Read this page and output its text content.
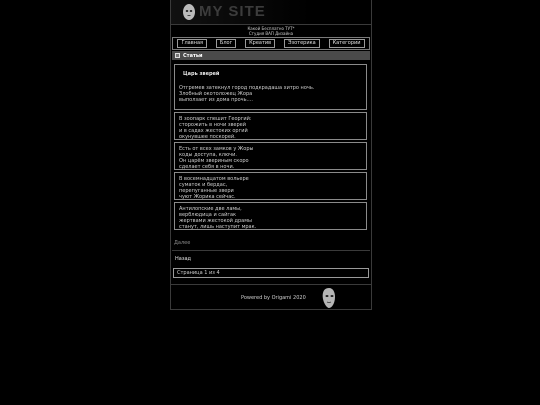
MY SITE
Какой Бесплатно ТУТ*
Студия ВАП Дизайна
Главная	Блог	Креатив	Эзотерика	Категории
Статьи
Царь зверей
Отгремев затекнул город подкрадаша хитро ночь.
Злобный окотоложец Жора
выползает из дома прочь....
В зоопарк спешит Георгий:
сторожить в ночи зверей
и в садах жестоких оргий
окунувшее поскорей.
Есть от всех замков у Жоры
коды доступа, ключи.
Он царём звериным скоро
сделает себя в ночи.
В восемнадцатом вольере
суматок и бердас,
перепуганные звери
чуют Жорика сейчас.
Антилопские две ламы,
верблюдица и сайгак
жертвами жестокой драмы
станут, лишь наступит мрак.
Далее
Назад
Страница 1 из 4
Powered by Origami 2020
